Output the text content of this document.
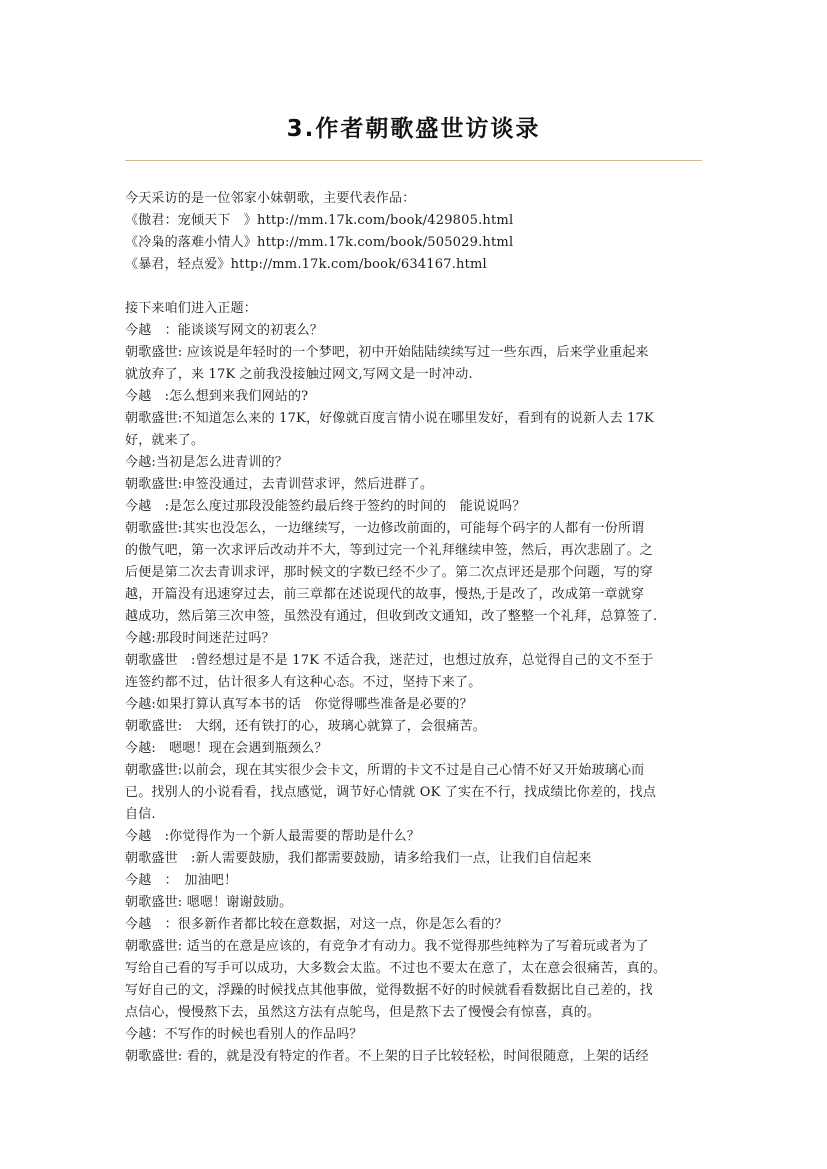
3.作者朝歌盛世访谈录
今天采访的是一位邻家小妹朝歌，主要代表作品：
《傲君：宠倾天下　》http://mm.17k.com/book/429805.html
《冷枭的落难小情人》http://mm.17k.com/book/505029.html
《暴君，轻点爱》http://mm.17k.com/book/634167.html
接下来咱们进入正题：
今越　：能谈谈写网文的初衷么？
朝歌盛世: 应该说是年轻时的一个梦吧，初中开始陆陆续续写过一些东西，后来学业重起来
就放弃了，来 17K 之前我没接触过网文,写网文是一时冲动.
今越　:怎么想到来我们网站的?
朝歌盛世:不知道怎么来的 17K，好像就百度言情小说在哪里发好，看到有的说新人去 17K
好，就来了。
今越:当初是怎么进青训的？
朝歌盛世:申签没通过，去青训营求评，然后进群了。
今越　:是怎么度过那段没能签约最后终于签约的时间的　能说说吗？
朝歌盛世:其实也没怎么，一边继续写，一边修改前面的，可能每个码字的人都有一份所谓
的傲气吧，第一次求评后改动并不大，等到过完一个礼拜继续申签，然后，再次悲剧了。之
后便是第二次去青训求评，那时候文的字数已经不少了。第二次点评还是那个问题，写的穿
越，开篇没有迅速穿过去，前三章都在述说现代的故事，慢热,于是改了，改成第一章就穿
越成功，然后第三次申签，虽然没有通过，但收到改文通知，改了整整一个礼拜，总算签了.
今越:那段时间迷茫过吗？
朝歌盛世　:曾经想过是不是 17K 不适合我，迷茫过，也想过放弃，总觉得自己的文不至于
连签约都不过，估计很多人有这种心态。不过，坚持下来了。
今越:如果打算认真写本书的话　你觉得哪些准备是必要的？
朝歌盛世:　大纲，还有铁打的心，玻璃心就算了，会很痛苦。
今越:　嗯嗯！现在会遇到瓶颈么？
朝歌盛世:以前会，现在其实很少会卡文，所谓的卡文不过是自己心情不好又开始玻璃心而
已。找别人的小说看看，找点感觉，调节好心情就 OK 了实在不行，找成绩比你差的，找点
自信.
今越　:你觉得作为一个新人最需要的帮助是什么？
朝歌盛世　:新人需要鼓励，我们都需要鼓励，请多给我们一点，让我们自信起来
今越　：　加油吧！
朝歌盛世: 嗯嗯！谢谢鼓励。
今越　：很多新作者都比较在意数据，对这一点，你是怎么看的？
朝歌盛世: 适当的在意是应该的，有竞争才有动力。我不觉得那些纯粹为了写着玩或者为了
写给自己看的写手可以成功，大多数会太监。不过也不要太在意了，太在意会很痛苦，真的。
写好自己的文，浮躁的时候找点其他事做，觉得数据不好的时候就看看数据比自己差的，找
点信心，慢慢熬下去，虽然这方法有点鸵鸟，但是熬下去了慢慢会有惊喜，真的。
今越：不写作的时候也看别人的作品吗？
朝歌盛世: 看的，就是没有特定的作者。不上架的日子比较轻松，时间很随意，上架的话经
